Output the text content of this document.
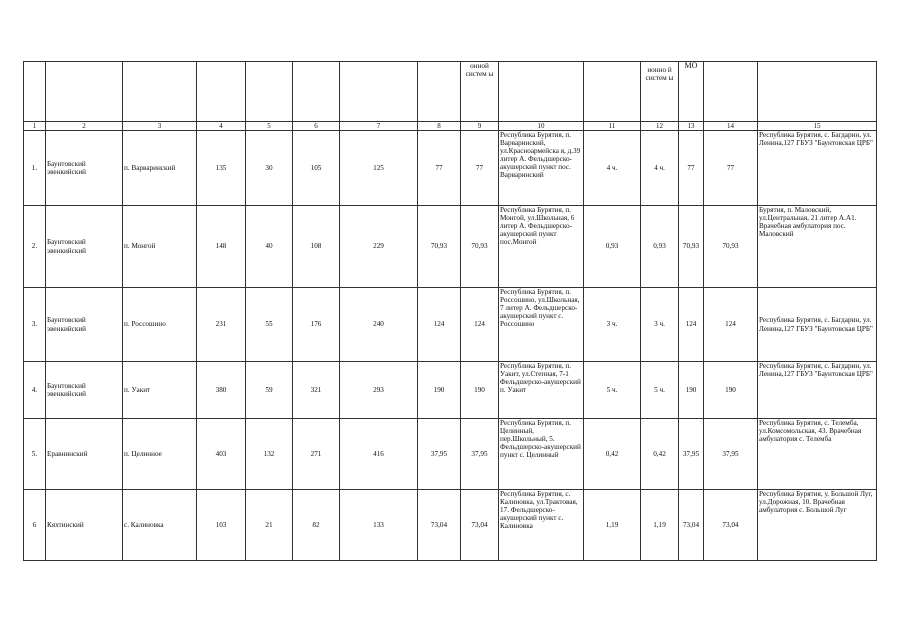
								онной систем ы			ионно й систем ы	МО		
1	2	3	4	5	6	7	8	9	10	11	12	13	14	15
1.	Баунтовский эвенкийский	п. Варваринский	135	30	105	125	77	77	Республика Бурятия, п. Варваринский, ул.Красноармейска я, д.39 литер А. Фельдшерско-акушерский пункт пос. Варваринский	4 ч.	4 ч.	77	77	Республика Бурятия, с. Багдарин, ул. Ленина,127 ГБУЗ "Баунтовская ЦРБ"
2.	Баунтовский эвенкийский	п. Монгой	148	40	108	229	70,93	70,93	Республика Бурятия, п. Монгой, ул.Школьная, 6 литер А. Фельдшерско-акушерский пункт пос.Монгой	0,93	0,93	70,93	70,93	Бурятия, п. Маловский, ул.Центральная, 21 литер А.А1. Врачебная амбулатория пос. Маловский
3.	Баунтовский эвенкийский	п. Россошино	231	55	176	240	124	124	Республика Бурятия, п. Россошино, ул.Школьная, 7 литер А. Фельдшерско-акушерский пункт с. Россошино	3 ч.	3 ч.	124	124	Республика Бурятия, с. Багдарин, ул. Ленина,127 ГБУЗ "Баунтовская ЦРБ"
4.	Баунтовский эвенкийский	п. Уакит	380	59	321	293	190	190	Республика Бурятия, п. Уакит, ул.Степная, 7-1 Фельдшерско-акушерский п. Уакит	5 ч.	5 ч.	190	190	Республика Бурятия, с. Багдарин, ул. Ленина,127 ГБУЗ "Баунтовская ЦРБ"
5.	Еравнинский	п. Целинное	403	132	271	416	37,95	37,95	Республика Бурятия, п. Целинный, пер.Школьный, 5. Фельдшерско-акушерский пункт с. Целинный	0,42	0,42	37,95	37,95	Республика Бурятия, с. Телемба, ул.Комсомольская, 43. Врачебная амбулатория с. Телемба
6	Кяхтинский	с. Калиновка	103	21	82	133	73,04	73,04	Республика Бурятия, с. Калиновка, ул.Трактовая, 17. Фельдшерско-акушерский пункт с. Калиновка	1,19	1,19	73,04	73,04	Республика Бурятия, у. Большой Луг, ул.Дорожная, 10. Врачебная амбулатория с. Большой Луг
